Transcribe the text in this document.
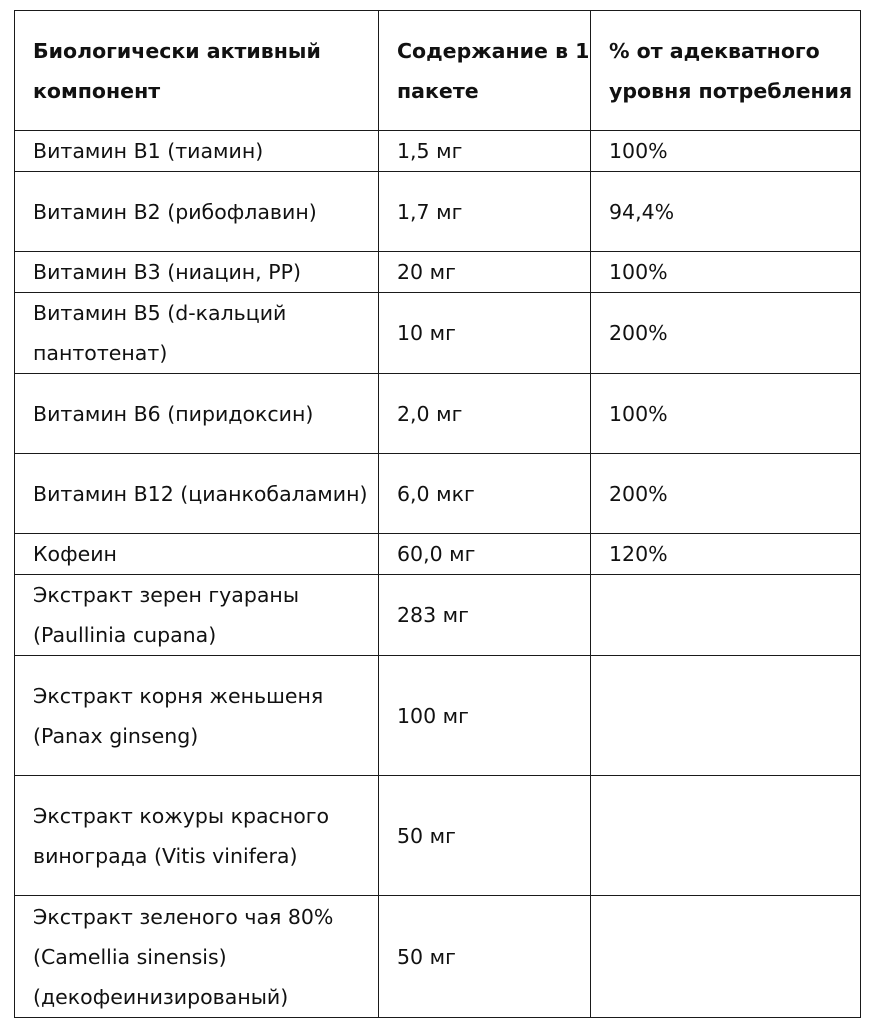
Биологически активный компонент	Содержание в 1 пакете	% от адекватного уровня потребления
Витамин В1 (тиамин)	1,5 мг	100%
Витамин В2 (рибофлавин)	1,7 мг	94,4%
Витамин В3 (ниацин, РР)	20 мг	100%
Витамин В5 (d-кальций пантотенат)	10 мг	200%
Витамин В6 (пиридоксин)	2,0 мг	100%
Витамин В12 (цианкобаламин)	6,0 мкг	200%
Кофеин	60,0 мг	120%
Экстракт зерен гуараны (Paullinia cupana)	283 мг	
Экстракт корня женьшеня (Panax ginseng)	100 мг	
Экстракт кожуры красного винограда (Vitis vinifera)	50 мг	
Экстракт зеленого чая 80% (Camellia sinensis) (декофеинизированый)	50 мг	
